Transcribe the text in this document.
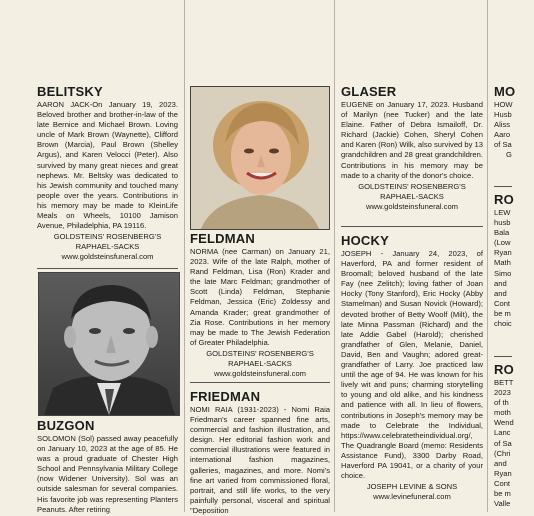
BELITSKY

AARON JACK-On January 19, 2023. Beloved brother and brother-in-law of the late Bernice and Michael Brown. Loving uncle of Mark Brown (Waynette), Clifford Brown (Marcia), Paul Brown (Shelley Argus), and Karen Velocci (Peter). Also survived by many great nieces and great nephews. Mr. Beltsky was dedicated to his Jewish community and touched many people over the years. Contributions in his memory may be made to KleinLife Meals on Wheels, 10100 Jamison Avenue, Philadelphia, PA 19116.

GOLDSTEINS' ROSENBERG'S

RAPHAEL-SACKS

www.goldsteinsfuneral.com

BUZGON

SOLOMON (Sol) passed away peacefully on January 10, 2023 at the age of 85. He was a proud graduate of Chester High School and Pennsylvania Military College (now Widener University). Sol was an outside salesman for several companies. His favorite job was representing Planters Peanuts. After retiring

FELDMAN

NORMA (nee Carman) on January 21, 2023. Wife of the late Ralph, mother of Rand Feldman, Lisa (Ron) Krader and the late Marc Feldman; grandmother of Scott (Linda) Feldman, Stephanie Feldman, Jessica (Eric) Zoldessy and Amanda Krader; great grandmother of Zia Rose. Contributions in her memory may be made to The Jewish Federation of Greater Philadelphia.

GOLDSTEINS' ROSENBERG'S

RAPHAEL-SACKS

www.goldsteinsfuneral.com

FRIEDMAN

NOMI RAIA (1931-2023) - Nomi Raia Friedman's career spanned fine arts, commercial and fashion illustration, and design. Her editorial fashion work and commercial illustrations were featured in international fashion magazines, galleries, magazines, and more. Nomi's fine art varied from commissioned floral, portrait, and still life works, to the very painfully personal, visceral and spiritual "Deposition

GLASER

EUGENE on January 17, 2023. Husband of Marilyn (nee Tucker) and the late Elaine. Father of Debra Ismailoff, Dr. Richard (Jackie) Cohen, Sheryl Cohen and Karen (Ron) Wilk, also survived by 13 grandchildren and 28 great grandchildren. Contributions in his memory may be made to a charity of the donor's choice.

GOLDSTEINS' ROSENBERG'S

RAPHAEL-SACKS

www.goldsteinsfuneral.com

HOCKY

JOSEPH - January 24, 2023, of Haverford, PA and former resident of Broomall; beloved husband of the late Fay (nee Zelitch); loving father of Joan Hocky (Tony Stanford), Eric Hocky (Abby Stamelman) and Susan Novick (Howard); devoted brother of Betty Woolf (Milt), the late Minna Passman (Richard) and the late Addie Gabel (Harold); cherished grandfather of Glen, Melanie, Daniel, David, Ben and Vaughn; adored great-grandfather of Larry. Joe practiced law until the age of 94. He was known for his lively wit and puns; charming storytelling to young and old alike, and his kindness and patience with all. In lieu of flowers, contributions in Joseph's memory may be made to Celebrate the Individual, https://www.celebratetheindividual.org/, The Quadrangle Board (memo: Residents Assistance Fund), 3300 Darby Road, Haverford PA 19041, or a charity of your choice.

JOSEPH LEVINE & SONS

www.levinefuneral.com

MO
HOW
Husb
Aliss
Aaro
of Sa
G
RO
LEW
husb
Bala
(Low
Ryan
Math
Simo
and
and
Cont
be m
choic
RO
BETT
2023
of th
moth
Wend
Lanc
of Sa
(Chri
and
Ryan
Cont
be m
Valle
